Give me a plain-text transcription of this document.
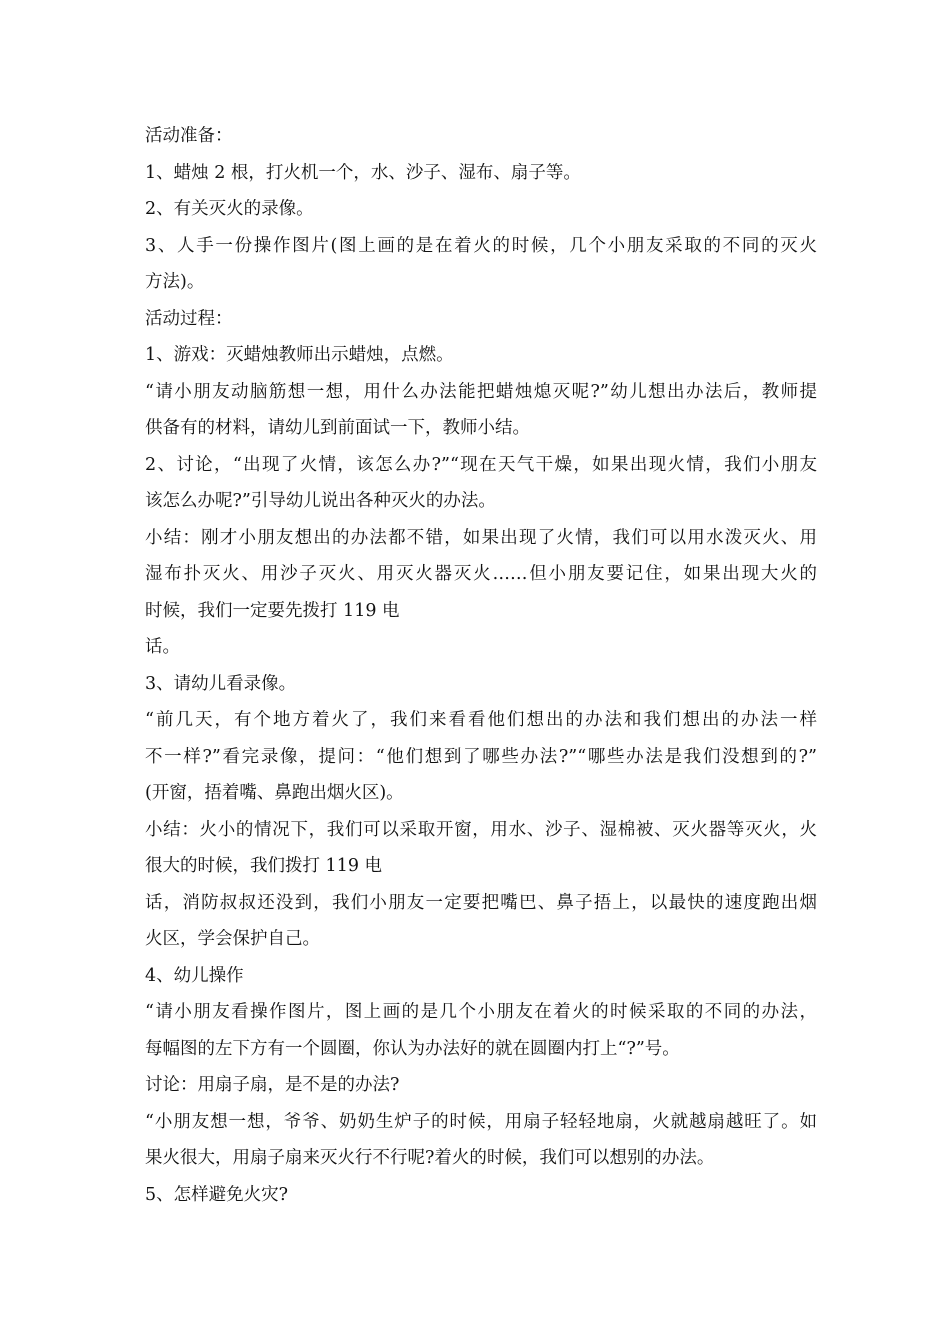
活动准备：
1、蜡烛 2 根，打火机一个，水、沙子、湿布、扇子等。
2、有关灭火的录像。
3、人手一份操作图片(图上画的是在着火的时候，几个小朋友采取的不同的灭火
方法)。
活动过程：
1、游戏：灭蜡烛教师出示蜡烛，点燃。
“请小朋友动脑筋想一想，用什么办法能把蜡烛熄灭呢?”幼儿想出办法后，教师提
供备有的材料，请幼儿到前面试一下，教师小结。
2、讨论，“出现了火情，该怎么办?”“现在天气干燥，如果出现火情，我们小朋友
该怎么办呢?”引导幼儿说出各种灭火的办法。
小结：刚才小朋友想出的办法都不错，如果出现了火情，我们可以用水泼灭火、用
湿布扑灭火、用沙子灭火、用灭火器灭火……但小朋友要记住，如果出现大火的
时候，我们一定要先拨打 119 电
话。
3、请幼儿看录像。
“前几天，有个地方着火了，我们来看看他们想出的办法和我们想出的办法一样
不一样?”看完录像，提问：“他们想到了哪些办法?”“哪些办法是我们没想到的?”
(开窗，捂着嘴、鼻跑出烟火区)。
小结：火小的情况下，我们可以采取开窗，用水、沙子、湿棉被、灭火器等灭火，火
很大的时候，我们拨打 119 电
话，消防叔叔还没到，我们小朋友一定要把嘴巴、鼻子捂上，以最快的速度跑出烟
火区，学会保护自己。
4、幼儿操作
“请小朋友看操作图片，图上画的是几个小朋友在着火的时候采取的不同的办法，
每幅图的左下方有一个圆圈，你认为办法好的就在圆圈内打上“?”号。
讨论：用扇子扇，是不是的办法?
“小朋友想一想，爷爷、奶奶生炉子的时候，用扇子轻轻地扇，火就越扇越旺了。如
果火很大，用扇子扇来灭火行不行呢?着火的时候，我们可以想别的办法。
5、怎样避免火灾?
